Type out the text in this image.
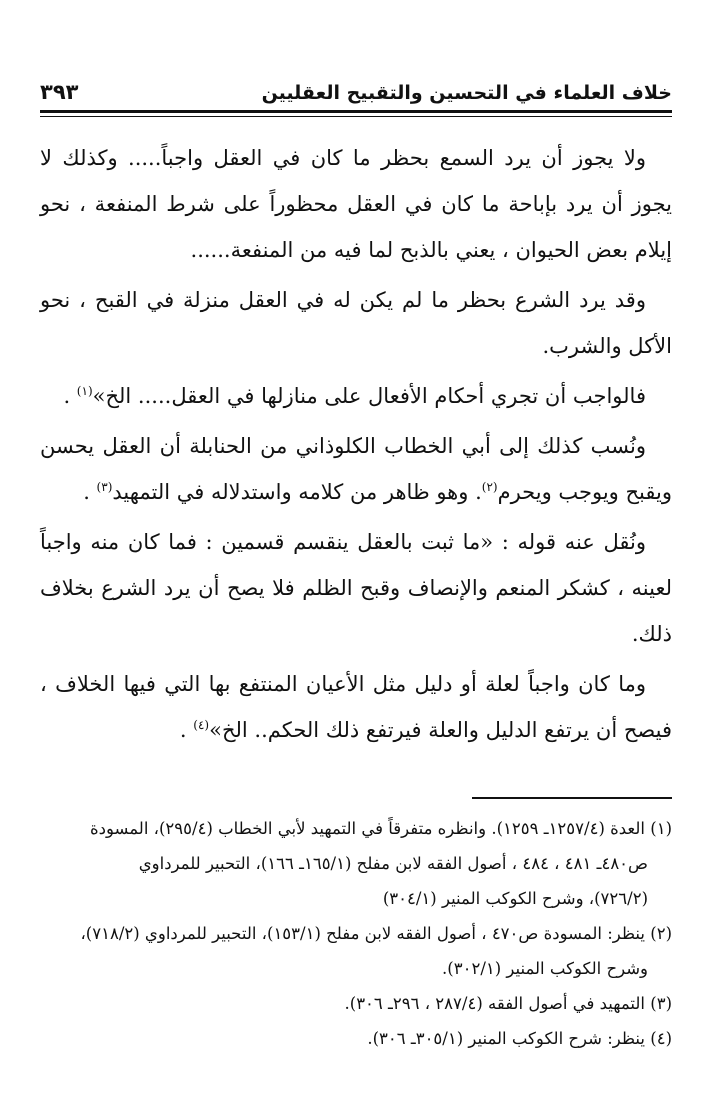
خلاف العلماء في التحسين والتقبيح العقليين
٣٩٣

ولا يجوز أن يرد السمع بحظر ما كان في العقل واجباً..... وكذلك لا يجوز أن يرد بإباحة ما كان في العقل محظوراً على شرط المنفعة ، نحو إيلام بعض الحيوان ، يعني بالذبح لما فيه من المنفعة......

وقد يرد الشرع بحظر ما لم يكن له في العقل منزلة في القبح ، نحو الأكل والشرب.

فالواجب أن تجري أحكام الأفعال على منازلها في العقل..... الخ»$^{(١)}$ .

ونُسب كذلك إلى أبي الخطاب الكلوذاني من الحنابلة أن العقل يحسن ويقبح ويوجب ويحرم$^{(٢)}$. وهو ظاهر من كلامه واستدلاله في التمهيد$^{(٣)}$ .

ونُقل عنه قوله : «ما ثبت بالعقل ينقسم قسمين : فما كان منه واجباً لعينه ، كشكر المنعم والإنصاف وقبح الظلم فلا يصح أن يرد الشرع بخلاف ذلك.

وما كان واجباً لعلة أو دليل مثل الأعيان المنتفع بها التي فيها الخلاف ، فيصح أن يرتفع الدليل والعلة فيرتفع ذلك الحكم.. الخ»$^{(٤)}$ .

(١) العدة (١٢٥٧/٤ـ ١٢٥٩). وانظره متفرقاً في التمهيد لأبي الخطاب (٢٩٥/٤)، المسودة

ص٤٨٠ـ ٤٨١ ، ٤٨٤ ، أصول الفقه لابن مفلح (١٦٥/١ـ ١٦٦)، التحبير للمرداوي

(٧٢٦/٢)، وشرح الكوكب المنير (٣٠٤/١)

(٢) ينظر: المسودة ص٤٧٠ ، أصول الفقه لابن مفلح (١٥٣/١)، التحبير للمرداوي (٧١٨/٢)،

وشرح الكوكب المنير (٣٠٢/١).

(٣) التمهيد في أصول الفقه (٢٨٧/٤ ، ٢٩٦ـ ٣٠٦).

(٤) ينظر: شرح الكوكب المنير (٣٠٥/١ـ ٣٠٦).
